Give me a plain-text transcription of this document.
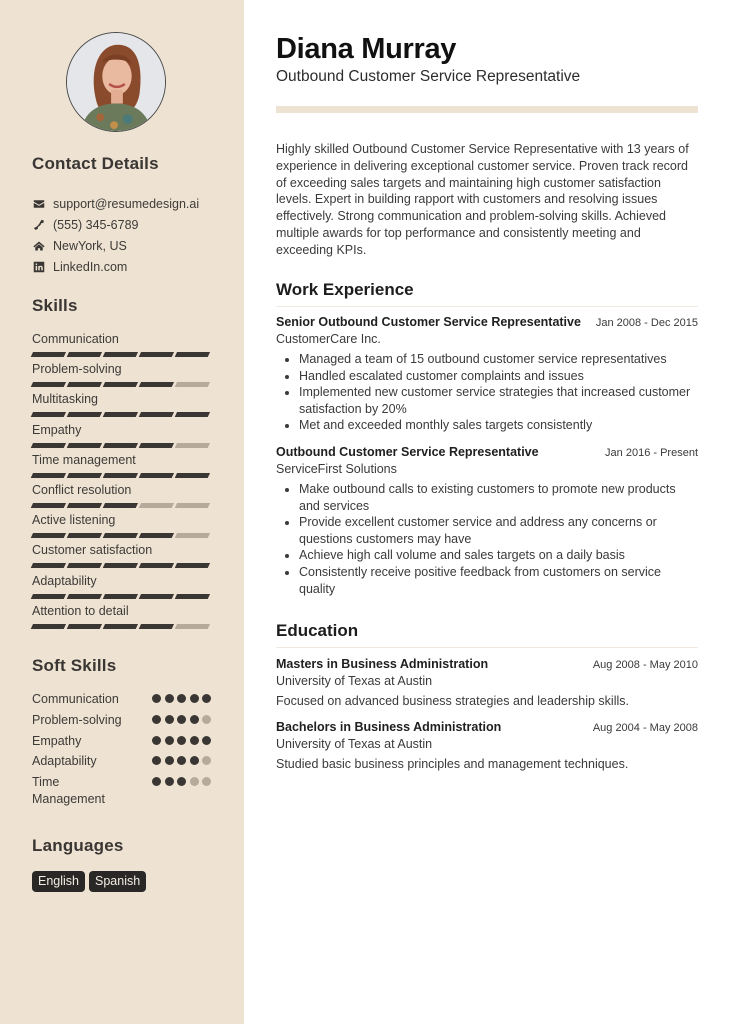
Contact Details
support@resumedesign.ai
(555) 345-6789
NewYork, US
LinkedIn.com
Skills
Communication
Problem-solving
Multitasking
Empathy
Time management
Conflict resolution
Active listening
Customer satisfaction
Adaptability
Attention to detail
Soft Skills
Communication
Problem-solving
Empathy
Adaptability
Time Management
Languages
English	Spanish
Diana Murray
Outbound Customer Service Representative

Highly skilled Outbound Customer Service Representative with 13 years of experience in delivering exceptional customer service. Proven track record of exceeding sales targets and maintaining high customer satisfaction levels. Expert in building rapport with customers and resolving issues effectively. Strong communication and problem-solving skills. Achieved multiple awards for top performance and consistently meeting and exceeding KPIs.

Work Experience
Senior Outbound Customer Service Representative Jan 2008 - Dec 2015
CustomerCare Inc.
• Managed a team of 15 outbound customer service representatives
• Handled escalated customer complaints and issues
• Implemented new customer service strategies that increased customer satisfaction by 20%
• Met and exceeded monthly sales targets consistently
Outbound Customer Service Representative	Jan 2016 - Present
ServiceFirst Solutions
• Make outbound calls to existing customers to promote new products and services
• Provide excellent customer service and address any concerns or questions customers may have
• Achieve high call volume and sales targets on a daily basis
• Consistently receive positive feedback from customers on service quality
Education
Masters in Business Administration	Aug 2008 - May 2010
University of Texas at Austin
Focused on advanced business strategies and leadership skills.
Bachelors in Business Administration	Aug 2004 - May 2008
University of Texas at Austin
Studied basic business principles and management techniques.
